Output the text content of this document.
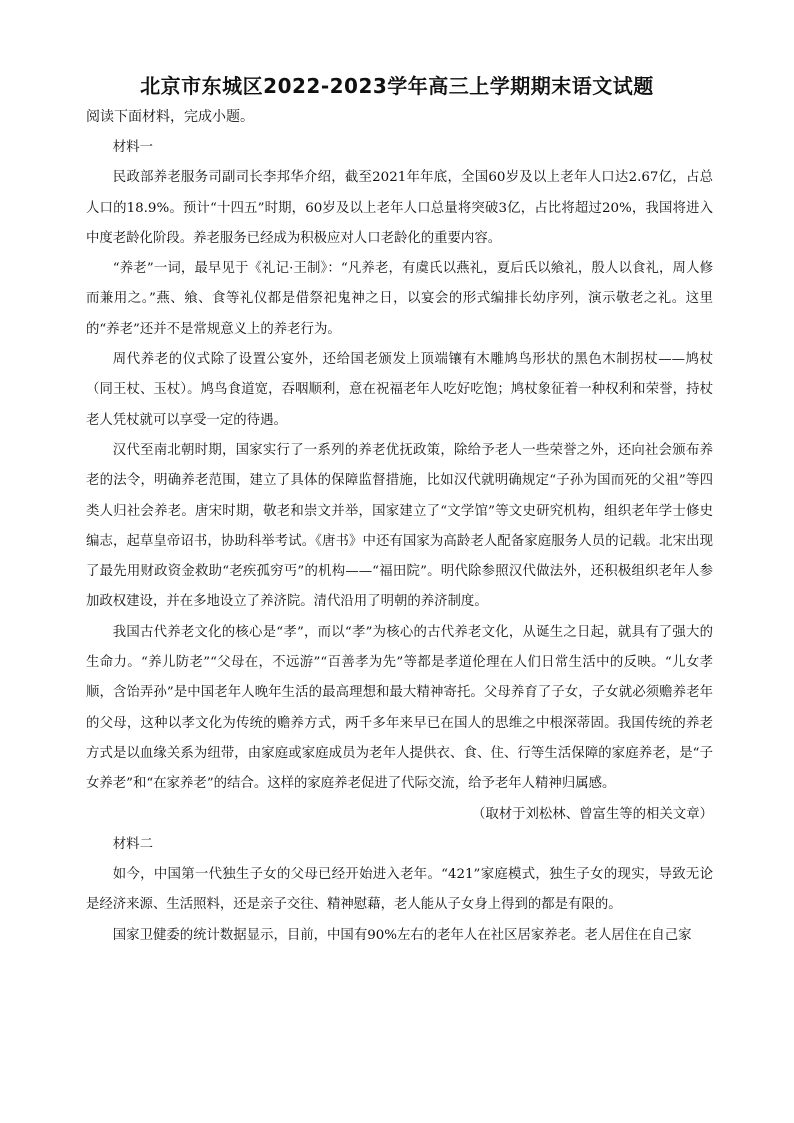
北京市东城区2022-2023学年高三上学期期末语文试题
阅读下面材料，完成小题。

材料一

民政部养老服务司副司长李邦华介绍，截至2021年年底，全国60岁及以上老年人口达2.67亿，占总人口的18.9%。预计“十四五”时期，60岁及以上老年人口总量将突破3亿，占比将超过20%，我国将进入中度老龄化阶段。养老服务已经成为积极应对人口老龄化的重要内容。

“养老”一词，最早见于《礼记·王制》：“凡养老，有虞氏以燕礼，夏后氏以飨礼，殷人以食礼，周人修而兼用之。”燕、飨、食等礼仪都是借祭祀鬼神之日，以宴会的形式编排长幼序列，演示敬老之礼。这里的“养老”还并不是常规意义上的养老行为。

周代养老的仪式除了设置公宴外，还给国老颁发上顶端镶有木雕鸠鸟形状的黑色木制拐杖——鸠杖（同王杖、玉杖）。鸠鸟食道宽，吞咽顺利，意在祝福老年人吃好吃饱；鸠杖象征着一种权利和荣誉，持杖老人凭杖就可以享受一定的待遇。

汉代至南北朝时期，国家实行了一系列的养老优抚政策，除给予老人一些荣誉之外，还向社会颁布养老的法令，明确养老范围，建立了具体的保障监督措施，比如汉代就明确规定“子孙为国而死的父祖”等四类人归社会养老。唐宋时期，敬老和崇文并举，国家建立了“文学馆”等文史研究机构，组织老年学士修史编志，起草皇帝诏书，协助科举考试。《唐书》中还有国家为高龄老人配备家庭服务人员的记载。北宋出现了最先用财政资金救助“老疾孤穷丐”的机构——“福田院”。明代除参照汉代做法外，还积极组织老年人参加政权建设，并在多地设立了养济院。清代沿用了明朝的养济制度。

我国古代养老文化的核心是“孝”，而以“孝”为核心的古代养老文化，从诞生之日起，就具有了强大的生命力。“养儿防老”“父母在，不远游”“百善孝为先”等都是孝道伦理在人们日常生活中的反映。“儿女孝顺，含饴弄孙”是中国老年人晚年生活的最高理想和最大精神寄托。父母养育了子女，子女就必须赡养老年的父母，这种以孝文化为传统的赡养方式，两千多年来早已在国人的思维之中根深蒂固。我国传统的养老方式是以血缘关系为纽带，由家庭或家庭成员为老年人提供衣、食、住、行等生活保障的家庭养老，是“子女养老”和“在家养老”的结合。这样的家庭养老促进了代际交流，给予老年人精神归属感。

（取材于刘松林、曾富生等的相关文章）

材料二

如今，中国第一代独生子女的父母已经开始进入老年。“421”家庭模式，独生子女的现实，导致无论是经济来源、生活照料，还是亲子交往、精神慰藉，老人能从子女身上得到的都是有限的。

国家卫健委的统计数据显示，目前，中国有90%左右的老年人在社区居家养老。老人居住在自己家
